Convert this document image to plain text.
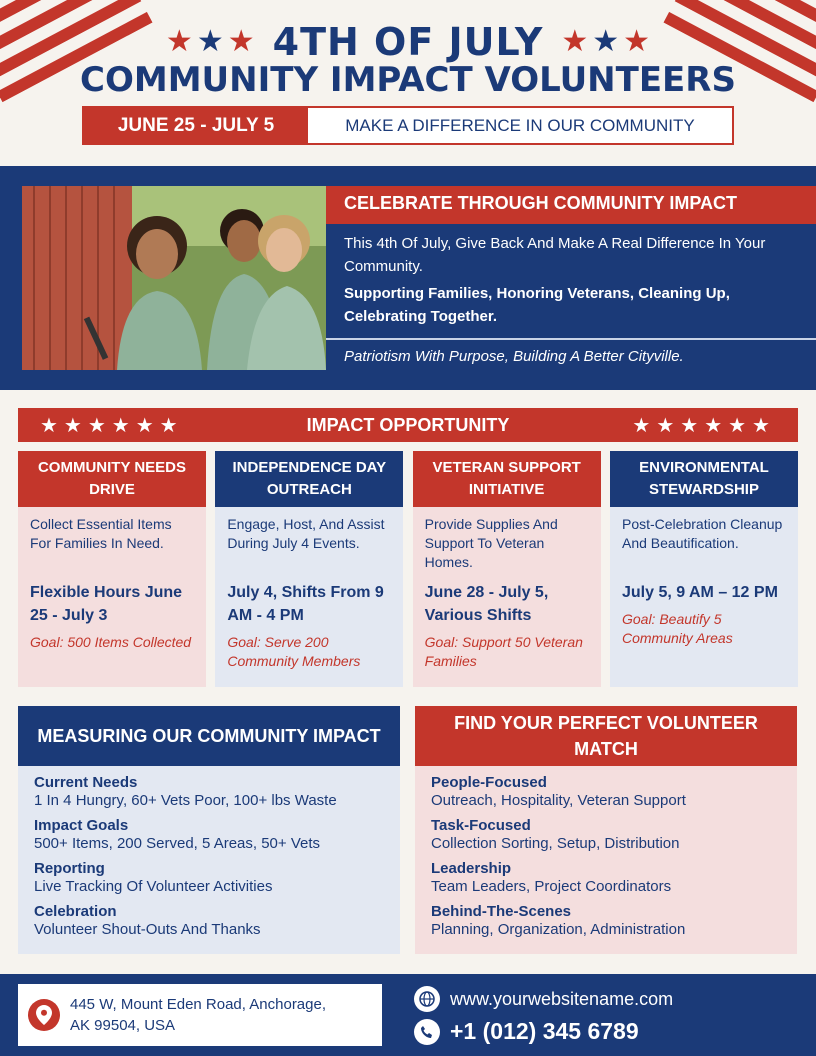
★ ★ ★ 4TH OF JULY ★ ★ ★
COMMUNITY IMPACT VOLUNTEERS
JUNE 25 - JULY 5	MAKE A DIFFERENCE IN OUR COMMUNITY
CELEBRATE THROUGH COMMUNITY IMPACT
This 4th Of July, Give Back And Make A Real Difference In Your Community.
Supporting Families, Honoring Veterans, Cleaning Up, Celebrating Together.
Patriotism With Purpose, Building A Better Cityville.
★★★★★★	IMPACT OPPORTUNITY	★★★★★★
COMMUNITY NEEDS DRIVE
Collect Essential Items For Families In Need.
Flexible Hours June 25 - July 3
Goal: 500 Items Collected
INDEPENDENCE DAY OUTREACH
Engage, Host, And Assist During July 4 Events.
July 4, Shifts From 9 AM - 4 PM
Goal: Serve 200 Community Members
VETERAN SUPPORT INITIATIVE
Provide Supplies And Support To Veteran Homes.
June 28 - July 5, Various Shifts
Goal: Support 50 Veteran Families
ENVIRONMENTAL STEWARDSHIP
Post-Celebration Cleanup And Beautification.
July 5, 9 AM – 12 PM
Goal: Beautify 5 Community Areas
MEASURING OUR COMMUNITY IMPACT
Current Needs
1 In 4 Hungry, 60+ Vets Poor, 100+ lbs Waste
Impact Goals
500+ Items, 200 Served, 5 Areas, 50+ Vets
Reporting
Live Tracking Of Volunteer Activities
Celebration
Volunteer Shout-Outs And Thanks
FIND YOUR PERFECT VOLUNTEER MATCH
People-Focused
Outreach, Hospitality, Veteran Support
Task-Focused
Collection Sorting, Setup, Distribution
Leadership
Team Leaders, Project Coordinators
Behind-The-Scenes
Planning, Organization, Administration
445 W, Mount Eden Road, Anchorage,
AK 99504, USA
www.yourwebsitename.com
+1 (012) 345 6789
